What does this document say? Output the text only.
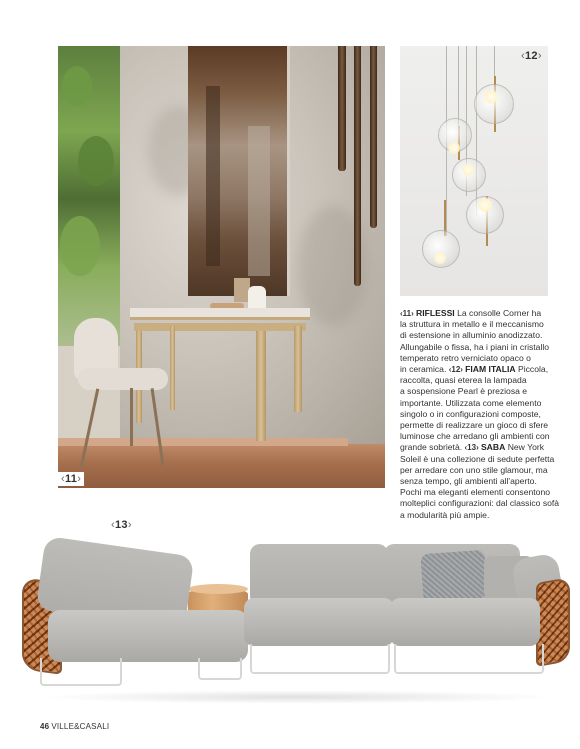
‹11›
‹12›
‹11› RIFLESSI La consolle Corner ha
la struttura in metallo e il meccanismo
di estensione in alluminio anodizzato.
Allungabile o fissa, ha i piani in cristallo
temperato retro verniciato opaco o
in ceramica. ‹12› FIAM ITALIA Piccola,
raccolta, quasi eterea la lampada
a sospensione Pearl è preziosa e
importante. Utilizzata come elemento
singolo o in configurazioni composte,
permette di realizzare un gioco di sfere
luminose che arredano gli ambienti con
grande sobrietà. ‹13› SABA New York
Soleil è una collezione di sedute perfetta
per arredare con uno stile glamour, ma
senza tempo, gli ambienti all'aperto.
Pochi ma eleganti elementi consentono
molteplici configurazioni: dal classico sofà
a modularità più ampie.
‹13›
46 VILLE&CASALI
